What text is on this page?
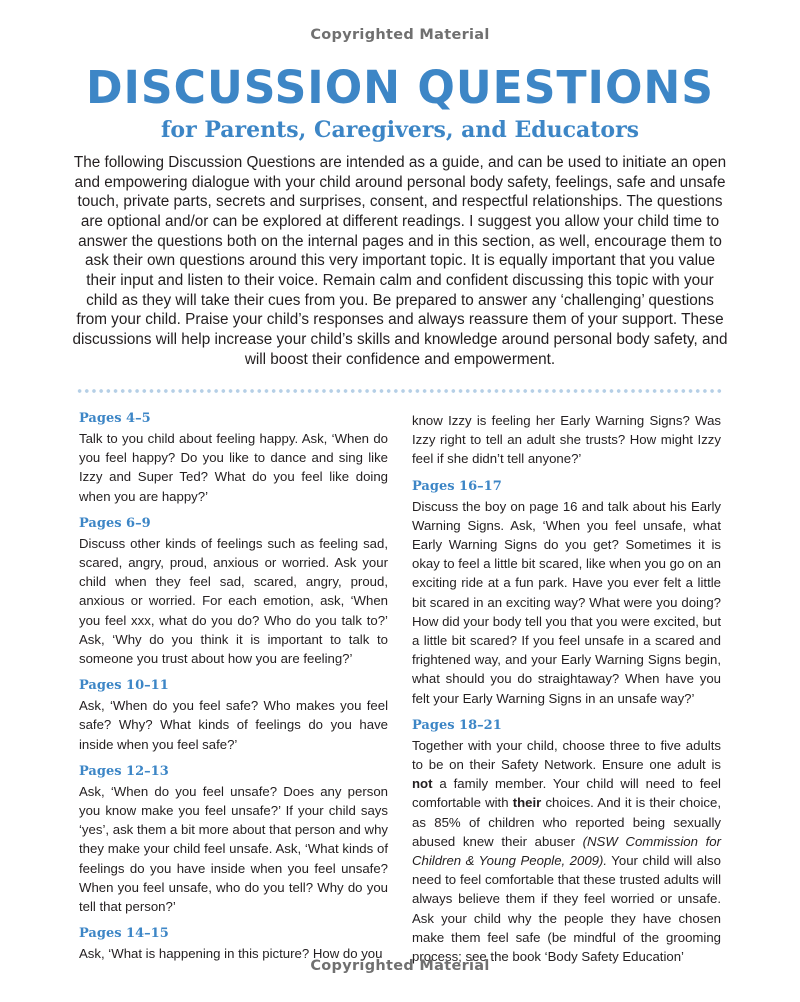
Copyrighted Material
DISCUSSION QUESTIONS
for Parents, Caregivers, and Educators

The following Discussion Questions are intended as a guide, and can be used to initiate an open and empowering dialogue with your child around personal body safety, feelings, safe and unsafe touch, private parts, secrets and surprises, consent, and respectful relationships. The questions are optional and/or can be explored at different readings. I suggest you allow your child time to answer the questions both on the internal pages and in this section, as well, encourage them to ask their own questions around this very important topic. It is equally important that you value their input and listen to their voice. Remain calm and confident discussing this topic with your child as they will take their cues from you. Be prepared to answer any ‘challenging’ questions from your child. Praise your child’s responses and always reassure them of your support. These discussions will help increase your child’s skills and knowledge around personal body safety, and will boost their confidence and empowerment.

Pages 4–5

Talk to you child about feeling happy. Ask, ‘When do you feel happy? Do you like to dance and sing like Izzy and Super Ted? What do you feel like doing when you are happy?’

Pages 6–9

Discuss other kinds of feelings such as feeling sad, scared, angry, proud, anxious or worried. Ask your child when they feel sad, scared, angry, proud, anxious or worried. For each emotion, ask, ‘When you feel xxx, what do you do? Who do you talk to?’ Ask, ‘Why do you think it is important to talk to someone you trust about how you are feeling?’

Pages 10–11

Ask, ‘When do you feel safe? Who makes you feel safe? Why? What kinds of feelings do you have inside when you feel safe?’

Pages 12–13

Ask, ‘When do you feel unsafe? Does any person you know make you feel unsafe?’ If your child says ‘yes’, ask them a bit more about that person and why they make your child feel unsafe. Ask, ‘What kinds of feelings do you have inside when you feel unsafe? When you feel unsafe, who do you tell? Why do you tell that person?’

Pages 14–15

Ask, ‘What is happening in this picture? How do you

know Izzy is feeling her Early Warning Signs? Was Izzy right to tell an adult she trusts? How might Izzy feel if she didn’t tell anyone?’

Pages 16–17

Discuss the boy on page 16 and talk about his Early Warning Signs. Ask, ‘When you feel unsafe, what Early Warning Signs do you get? Sometimes it is okay to feel a little bit scared, like when you go on an exciting ride at a fun park. Have you ever felt a little bit scared in an exciting way? What were you doing? How did your body tell you that you were excited, but a little bit scared? If you feel unsafe in a scared and frightened way, and your Early Warning Signs begin, what should you do straightaway? When have you felt your Early Warning Signs in an unsafe way?’

Pages 18–21

Together with your child, choose three to five adults to be on their Safety Network. Ensure one adult is not a family member. Your child will need to feel comfortable with their choices. And it is their choice, as 85% of children who reported being sexually abused knew their abuser (NSW Commission for Children & Young People, 2009). Your child will also need to feel comfortable that these trusted adults will always believe them if they feel worried or unsafe. Ask your child why the people they have chosen make them feel safe (be mindful of the grooming process; see the book ‘Body Safety Education’

Copyrighted Material
